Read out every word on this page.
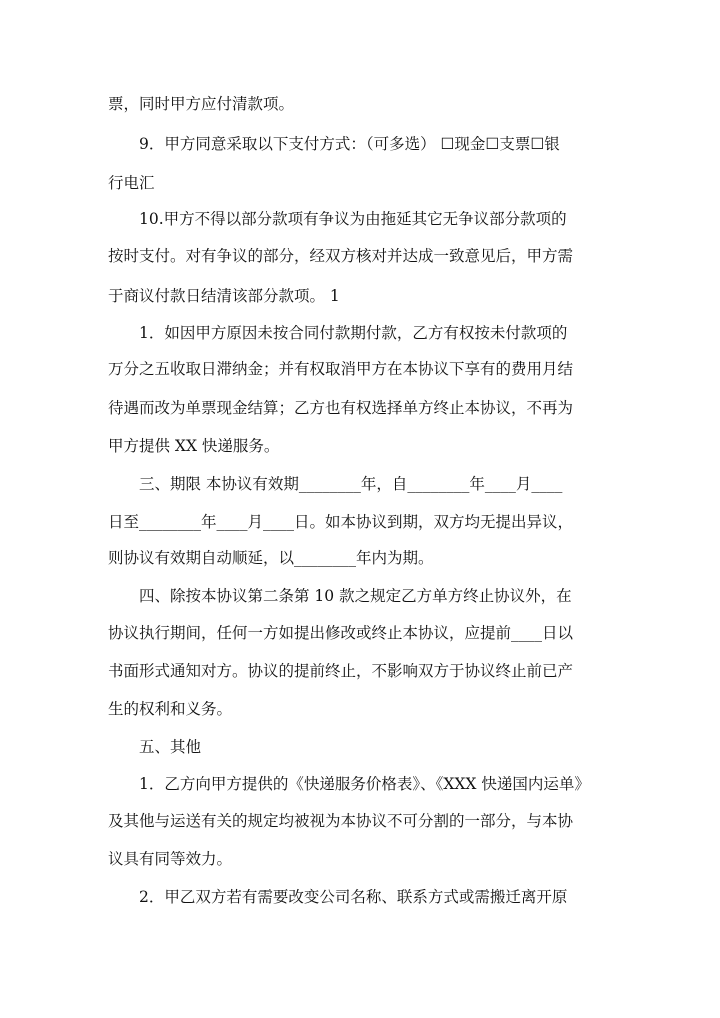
票，同时甲方应付清款项。
9．甲方同意采取以下支付方式：（可多选） ☐现金☐支票☐银
行电汇
10.甲方不得以部分款项有争议为由拖延其它无争议部分款项的
按时支付。对有争议的部分，经双方核对并达成一致意见后，甲方需
于商议付款日结清该部分款项。 1
1．如因甲方原因未按合同付款期付款，乙方有权按未付款项的
万分之五收取日滞纳金；并有权取消甲方在本协议下享有的费用月结
待遇而改为单票现金结算；乙方也有权选择单方终止本协议，不再为
甲方提供 XX 快递服务。
三、期限 本协议有效期________年，自________年____月____
日至________年____月____日。如本协议到期，双方均无提出异议，
则协议有效期自动顺延，以________年内为期。
四、除按本协议第二条第 10 款之规定乙方单方终止协议外，在
协议执行期间，任何一方如提出修改或终止本协议，应提前____日以
书面形式通知对方。协议的提前终止，不影响双方于协议终止前已产
生的权利和义务。
五、其他
1．乙方向甲方提供的《快递服务价格表》、《XXX 快递国内运单》
及其他与运送有关的规定均被视为本协议不可分割的一部分，与本协
议具有同等效力。
2．甲乙双方若有需要改变公司名称、联系方式或需搬迁离开原
